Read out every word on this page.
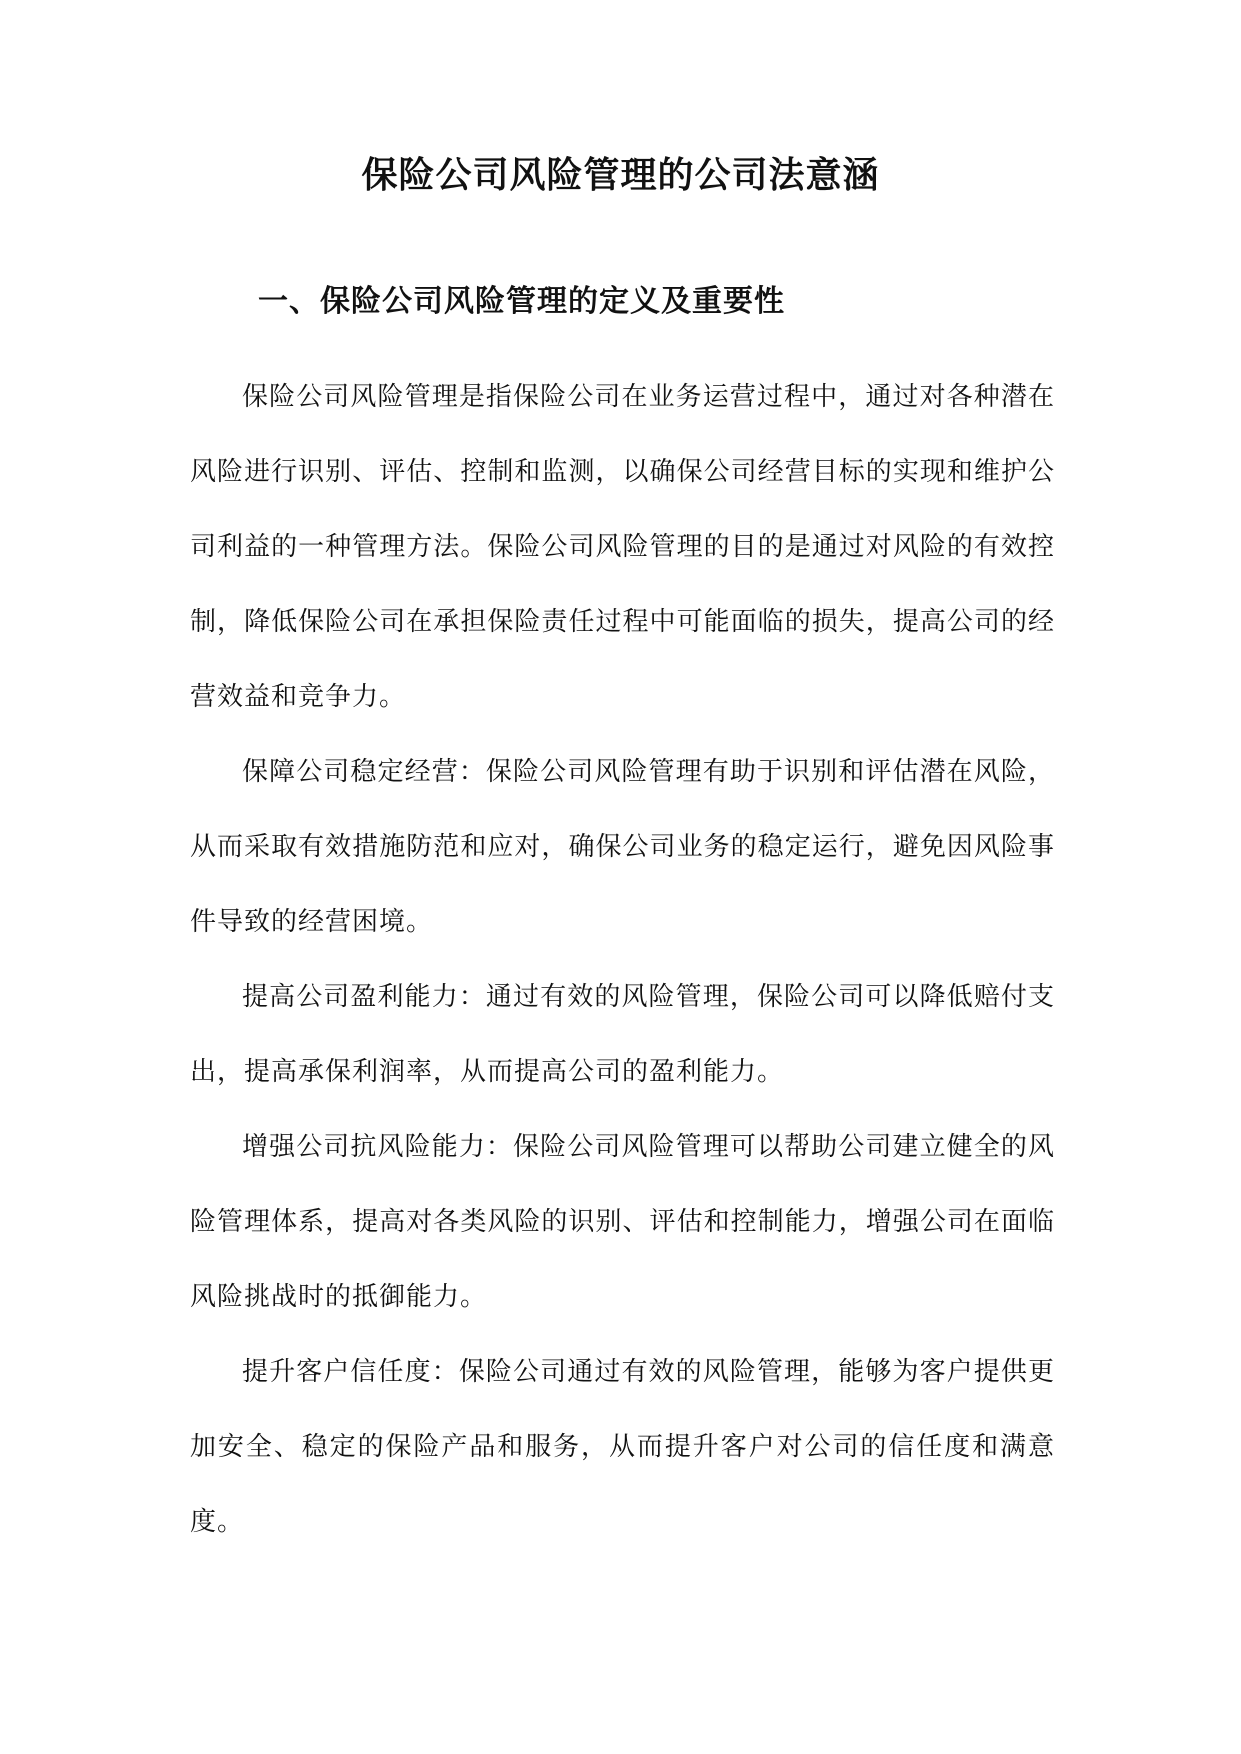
保险公司风险管理的公司法意涵
一、保险公司风险管理的定义及重要性

保险公司风险管理是指保险公司在业务运营过程中，通过对各种潜在风险进行识别、评估、控制和监测，以确保公司经营目标的实现和维护公司利益的一种管理方法。保险公司风险管理的目的是通过对风险的有效控制，降低保险公司在承担保险责任过程中可能面临的损失，提高公司的经营效益和竞争力。

保障公司稳定经营：保险公司风险管理有助于识别和评估潜在风险，从而采取有效措施防范和应对，确保公司业务的稳定运行，避免因风险事件导致的经营困境。

提高公司盈利能力：通过有效的风险管理，保险公司可以降低赔付支出，提高承保利润率，从而提高公司的盈利能力。

增强公司抗风险能力：保险公司风险管理可以帮助公司建立健全的风险管理体系，提高对各类风险的识别、评估和控制能力，增强公司在面临风险挑战时的抵御能力。

提升客户信任度：保险公司通过有效的风险管理，能够为客户提供更加安全、稳定的保险产品和服务，从而提升客户对公司的信任度和满意度。
